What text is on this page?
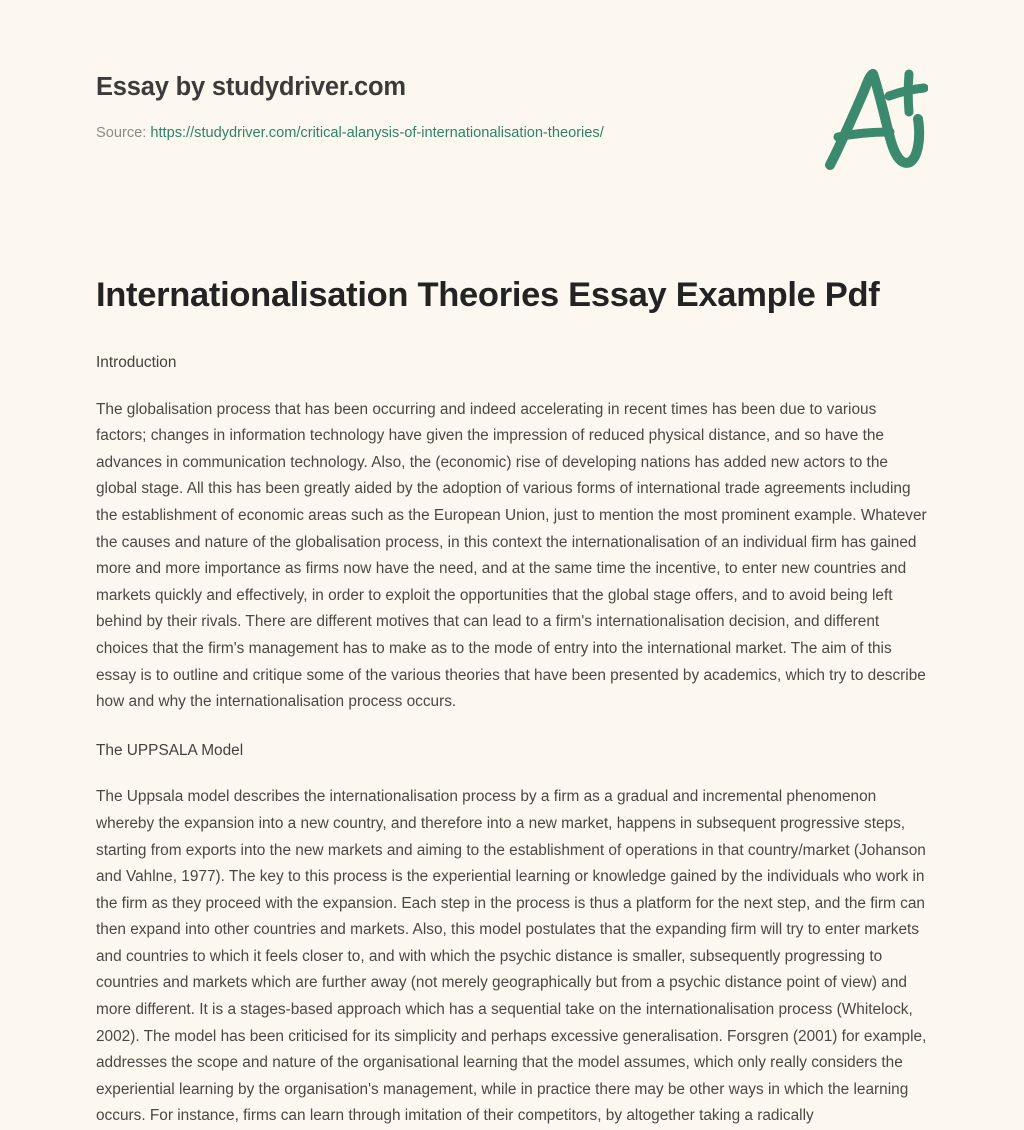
Essay by studydriver.com
Source: https://studydriver.com/critical-alanysis-of-internationalisation-theories/
Internationalisation Theories Essay Example Pdf
Introduction

The globalisation process that has been occurring and indeed accelerating in recent times has been due to various factors; changes in information technology have given the impression of reduced physical distance, and so have the advances in communication technology. Also, the (economic) rise of developing nations has added new actors to the global stage. All this has been greatly aided by the adoption of various forms of international trade agreements including the establishment of economic areas such as the European Union, just to mention the most prominent example. Whatever the causes and nature of the globalisation process, in this context the internationalisation of an individual firm has gained more and more importance as firms now have the need, and at the same time the incentive, to enter new countries and markets quickly and effectively, in order to exploit the opportunities that the global stage offers, and to avoid being left behind by their rivals. There are different motives that can lead to a firm's internationalisation decision, and different choices that the firm's management has to make as to the mode of entry into the international market. The aim of this essay is to outline and critique some of the various theories that have been presented by academics, which try to describe how and why the internationalisation process occurs.

The UPPSALA Model

The Uppsala model describes the internationalisation process by a firm as a gradual and incremental phenomenon whereby the expansion into a new country, and therefore into a new market, happens in subsequent progressive steps, starting from exports into the new markets and aiming to the establishment of operations in that country/market (Johanson and Vahlne, 1977). The key to this process is the experiential learning or knowledge gained by the individuals who work in the firm as they proceed with the expansion. Each step in the process is thus a platform for the next step, and the firm can then expand into other countries and markets. Also, this model postulates that the expanding firm will try to enter markets and countries to which it feels closer to, and with which the psychic distance is smaller, subsequently progressing to countries and markets which are further away (not merely geographically but from a psychic distance point of view) and more different. It is a stages-based approach which has a sequential take on the internationalisation process (Whitelock, 2002). The model has been criticised for its simplicity and perhaps excessive generalisation. Forsgren (2001) for example, addresses the scope and nature of the organisational learning that the model assumes, which only really considers the experiential learning by the organisation's management, while in practice there may be other ways in which the learning occurs. For instance, firms can learn through imitation of their competitors, by altogether taking a radically
